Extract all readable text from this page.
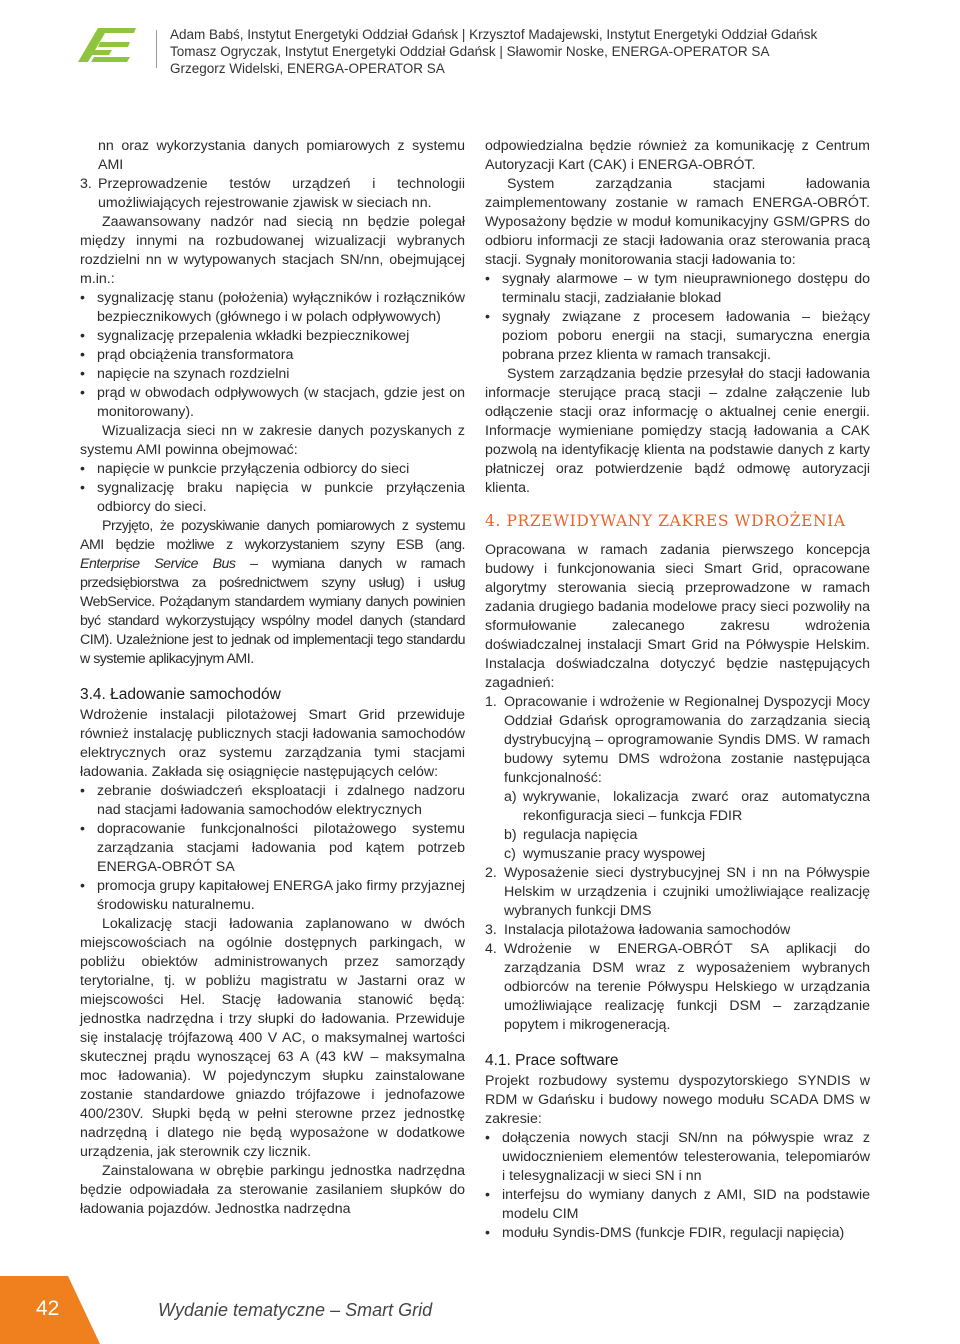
Adam Babś, Instytut Energetyki Oddział Gdańsk | Krzysztof Madajewski, Instytut Energetyki Oddział Gdańsk
Tomasz Ogryczak, Instytut Energetyki Oddział Gdańsk | Sławomir Noske, ENERGA-OPERATOR SA
Grzegorz Widelski, ENERGA-OPERATOR SA

nn oraz wykorzystania danych pomiarowych z systemu AMI

3. Przeprowadzenie testów urządzeń i technologii umożliwiających rejestrowanie zjawisk w sieciach nn.

Zaawansowany nadzór nad siecią nn będzie polegał między innymi na rozbudowanej wizualizacji wybranych rozdzielni nn w wytypowanych stacjach SN/nn, obejmującej m.in.:

• sygnalizację stanu (położenia) wyłączników i rozłączników bezpiecznikowych (głównego i w polach odpływowych)
• sygnalizację przepalenia wkładki bezpiecznikowej
• prąd obciążenia transformatora
• napięcie na szynach rozdzielni
• prąd w obwodach odpływowych (w stacjach, gdzie jest on monitorowany).

Wizualizacja sieci nn w zakresie danych pozyskanych z systemu AMI powinna obejmować:

• napięcie w punkcie przyłączenia odbiorcy do sieci
• sygnalizację braku napięcia w punkcie przyłączenia odbiorcy do sieci.

Przyjęto, że pozyskiwanie danych pomiarowych z systemu AMI będzie możliwe z wykorzystaniem szyny ESB (ang. Enterprise Service Bus – wymiana danych w ramach przedsiębiorstwa za pośrednictwem szyny usług) i usług WebService. Pożądanym standardem wymiany danych powinien być standard wykorzystujący wspólny model danych (standard CIM). Uzależnione jest to jednak od implementacji tego standardu w systemie aplikacyjnym AMI.

3.4. Ładowanie samochodów

Wdrożenie instalacji pilotażowej Smart Grid przewiduje również instalację publicznych stacji ładowania samochodów elektrycznych oraz systemu zarządzania tymi stacjami ładowania. Zakłada się osiągnięcie następujących celów:

• zebranie doświadczeń eksploatacji i zdalnego nadzoru nad stacjami ładowania samochodów elektrycznych
• dopracowanie funkcjonalności pilotażowego systemu zarządzania stacjami ładowania pod kątem potrzeb ENERGA-OBRÓT SA
• promocja grupy kapitałowej ENERGA jako firmy przyjaznej środowisku naturalnemu.

Lokalizację stacji ładowania zaplanowano w dwóch miejscowościach na ogólnie dostępnych parkingach, w pobliżu obiektów administrowanych przez samorządy terytorialne, tj. w pobliżu magistratu w Jastarni oraz w miejscowości Hel. Stację ładowania stanowić będą: jednostka nadrzędna i trzy słupki do ładowania. Przewiduje się instalację trójfazową 400 V AC, o maksymalnej wartości skutecznej prądu wynoszącej 63 A (43 kW – maksymalna moc ładowania). W pojedynczym słupku zainstalowane zostanie standardowe gniazdo trójfazowe i jednofazowe 400/230V. Słupki będą w pełni sterowne przez jednostkę nadrzędną i dlatego nie będą wyposażone w dodatkowe urządzenia, jak sterownik czy licznik.

Zainstalowana w obrębie parkingu jednostka nadrzędna będzie odpowiadała za sterowanie zasilaniem słupków do ładowania pojazdów. Jednostka nadrzędna

odpowiedzialna będzie również za komunikację z Centrum Autoryzacji Kart (CAK) i ENERGA-OBRÓT.

System zarządzania stacjami ładowania zaimplementowany zostanie w ramach ENERGA-OBRÓT. Wyposażony będzie w moduł komunikacyjny GSM/GPRS do odbioru informacji ze stacji ładowania oraz sterowania pracą stacji. Sygnały monitorowania stacji ładowania to:

• sygnały alarmowe – w tym nieuprawnionego dostępu do terminalu stacji, zadziałanie blokad
• sygnały związane z procesem ładowania – bieżący poziom poboru energii na stacji, sumaryczna energia pobrana przez klienta w ramach transakcji.

System zarządzania będzie przesyłał do stacji ładowania informacje sterujące pracą stacji – zdalne załączenie lub odłączenie stacji oraz informację o aktualnej cenie energii. Informacje wymieniane pomiędzy stacją ładowania a CAK pozwolą na identyfikację klienta na podstawie danych z karty płatniczej oraz potwierdzenie bądź odmowę autoryzacji klienta.

4. PRZEWIDYWANY ZAKRES WDROŻENIA

Opracowana w ramach zadania pierwszego koncepcja budowy i funkcjonowania sieci Smart Grid, opracowane algorytmy sterowania siecią przeprowadzone w ramach zadania drugiego badania modelowe pracy sieci pozwoliły na sformułowanie zalecanego zakresu wdrożenia doświadczalnej instalacji Smart Grid na Półwyspie Helskim. Instalacja doświadczalna dotyczyć będzie następujących zagadnień:

1. Opracowanie i wdrożenie w Regionalnej Dyspozycji Mocy Oddział Gdańsk oprogramowania do zarządzania siecią dystrybucyjną – oprogramowanie Syndis DMS. W ramach budowy sytemu DMS wdrożona zostanie następująca funkcjonalność:
a) wykrywanie, lokalizacja zwarć oraz automatyczna rekonfiguracja sieci – funkcja FDIR
b) regulacja napięcia
c) wymuszanie pracy wyspowej
2. Wyposażenie sieci dystrybucyjnej SN i nn na Półwyspie Helskim w urządzenia i czujniki umożliwiające realizację wybranych funkcji DMS
3. Instalacja pilotażowa ładowania samochodów
4. Wdrożenie w ENERGA-OBRÓT SA aplikacji do zarządzania DSM wraz z wyposażeniem wybranych odbiorców na terenie Półwyspu Helskiego w urządzania umożliwiające realizację funkcji DSM – zarządzanie popytem i mikrogeneracją.
4.1. Prace software

Projekt rozbudowy systemu dyspozytorskiego SYNDIS w RDM w Gdańsku i budowy nowego modułu SCADA DMS w zakresie:

• dołączenia nowych stacji SN/nn na półwyspie wraz z uwidocznieniem elementów telesterowania, telepomiarów i telesygnalizacji w sieci SN i nn
• interfejsu do wymiany danych z AMI, SID na podstawie modelu CIM
• modułu Syndis-DMS (funkcje FDIR, regulacji napięcia)
42	Wydanie tematyczne – Smart Grid
